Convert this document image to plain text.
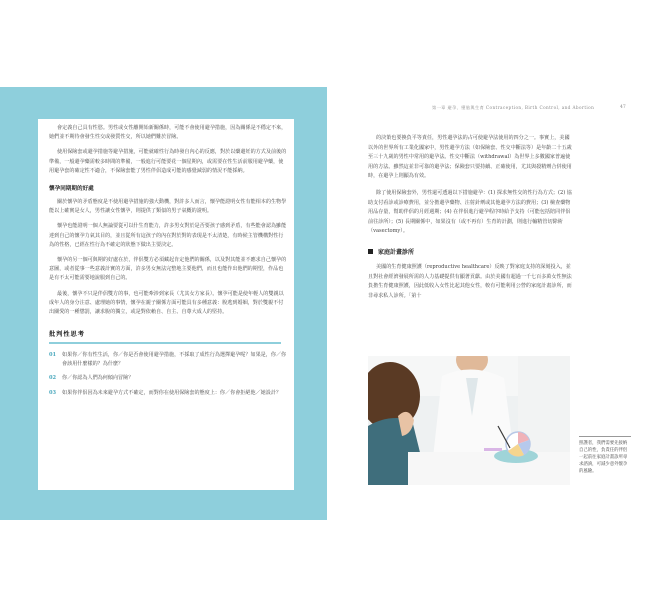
會定義自己具有性慾。男性或女性離開始新關係時，可能不會使用避孕措施，因為關係是不穩定不來，她們並不期待會發生性交或發質性交，所以她們難於冒險。

使用保險套或避孕措施等避孕措施，可能就確性行為時發自內心的反應，對於以藥避妊的方式及前後的準備，一般避孕藥需較多時間的準備，一般進行可能要花一個星期內，或需要在性生活前服用避孕藥，使用避孕套的確定性不適合，不保險套能了男性伴侶造成可能的感覺減弱的情況不能採納。

懷孕同期期的好處

關於懷孕的矛盾態度是不使用避孕措施的強大動機，對許多人而言，懷孕能證明女性有能相本的生物學能以上確實是女人，男性讓女性懷孕，則提供了類似的男子氣概的證明。

懷孕也能證明一個人無論要從可以什生育能力，許多男女對於是否要孩子感到矛盾，有些能會認為雖能達到自己的懷孕力氣其目的，並且從所有這孩子的內在對於對的表現是不太清楚，有時候主管機構對性行為的性格，已經在性行為不確定的狀態下做出主要決定。

懷孕的另一個可與期的好處在於，伴侶雙方必須藏起肯定他們的關係，以及對其能並不應求自己懷孕的意圖，或者從事一些意義計實的方面，許多男女無法完整地主要他們，而且也能作出他們的期望，作品也是有不太可能需要地說服到自己的。

最後，懷孕不只是伴侶雙方的事，也可能牽涉到家長（尤其女方家長）。懷孕可能是使年輕人的雙親以成年人的身分注意、處理她的事情，懷孕在親子關係方面可能具有多種意義：脫逃到婚姻，對於雙親不付出關愛的一種懲罰，讓求脫的獨立，或是對依賴自、自主、自尊大成人的堅持。

批判性思考
01	如果你／你有性生活，你／你是否會使用避孕措施，不採取了成性行為選擇避孕呢？如果是，你／你會該用什麼樣的？為什麼？
02	你／你認為人們為何傾向冒險？
03	如果你伴侶因為未來避孕方式不確定，而對你在使用保險套的態度上：你／你會拒絕他／她設計？
第一章 避孕、墮胎與生育 Contraception, Birth Control, and Abortion	47

的決策也要換負平等責任，男性避孕法的占可使避孕法使用的四分之一。事實上，美國以外的世界所有工業化國家中，男性避孕方法（如保險套、性交中斷法等）是年齡二十五歲至三十九歲的男性中常用的避孕法。性交中斷法（withdrawal）為世界上多數國家普遍使用的方法。雖然這並非可靠的避孕法；保險套只要持續、正確使用，尤其與殺精劑合併使用時，在避孕上則顯為有效。

除了使用保險套外，男性還可透過以下措施避孕：(1) 探求無性交的性行為方式；(2) 協助支付看診或診療費用，並分擔避孕藥物、注射針劑或其他避孕方法的費用；(3) 檢查藥物用品存量，幫助伴侶的月經週期；(4) 在伴侶進行避孕程序時給予支持（可能包括陪同伴侶前往診所）；(5) 長期關係中，如果沒有（或不再有）生育的計劃，則進行輸精管切除術（vasectomy）。

家庭計畫診所

美國的生育健康照護（reproductive healthcare）反映了對家庭支持的深刻投入，並且對社會經濟發展所需的人力基礎提供有顯著貢獻。由於美國有超過一千七百多萬女性無法負擔生育健康照護，因此低收入女性比起其他女性，較有可能利用公營的家庭計畫診所，而非尋求私人診所。「第十

照護者，我們需要先接納自己的性，負責任的伴侶一起前往家庭計畫診所尋求諮詢，可減少意外懷孕的風險。
